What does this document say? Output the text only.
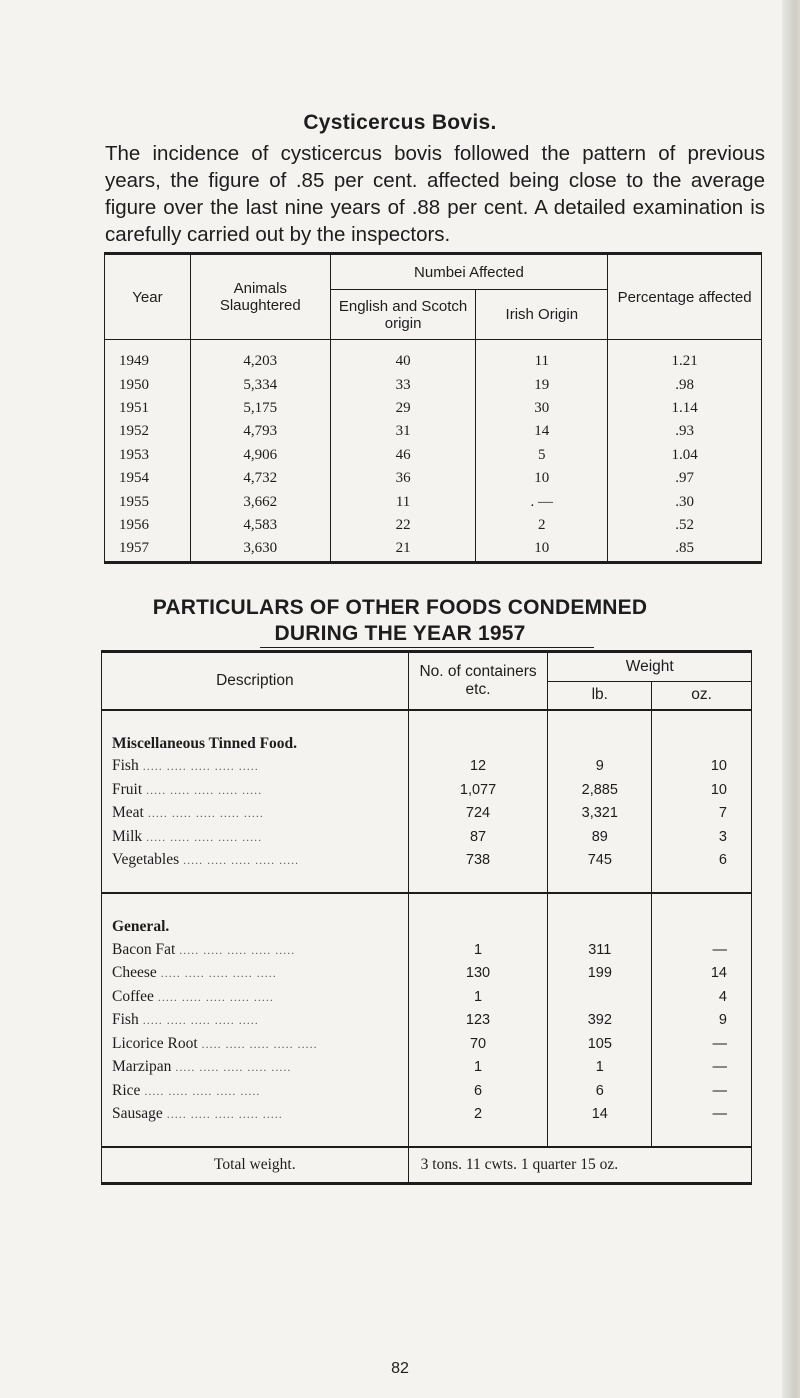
Cysticercus Bovis.
The incidence of cysticercus bovis followed the pattern of previous years, the figure of .85 per cent. affected being close to the average figure over the last nine years of .88 per cent. A detailed examination is carefully carried out by the inspectors.
Year	Animals Slaughtered	Numbei Affected		Percentage affected
		English and Scotch origin	Irish Origin	
1949	4,203	40	11	1.21
1950	5,334	33	19	.98
1951	5,175	29	30	1.14
1952	4,793	31	14	.93
1953	4,906	46	5	1.04
1954	4,732	36	10	.97
1955	3,662	11	. —	.30
1956	4,583	22	2	.52
1957	3,630	21	10	.85
PARTICULARS OF OTHER FOODS CONDEMNED
DURING THE YEAR 1957
Description	No. of containers etc.	Weight	
		lb.	oz.
Miscellaneous Tinned Food.			
Fish ..... ..... ..... ..... .....	12	9	10
Fruit ..... ..... ..... ..... .....	1,077	2,885	10
Meat ..... ..... ..... ..... .....	724	3,321	7
Milk ..... ..... ..... ..... .....	87	89	3
Vegetables ..... ..... ..... ..... .....	738	745	6

General.			
Bacon Fat ..... ..... ..... ..... .....	1	311	—
Cheese ..... ..... ..... ..... .....	130	199	14
Coffee ..... ..... ..... ..... .....	1		4
Fish ..... ..... ..... ..... .....	123	392	9
Licorice Root ..... ..... ..... ..... .....	70	105	—
Marzipan ..... ..... ..... ..... .....	1	1	—
Rice ..... ..... ..... ..... .....	6	6	—
Sausage ..... ..... ..... ..... .....	2	14	—

Total weight.	3 tons. 11 cwts. 1 quarter 15 oz.		
82
